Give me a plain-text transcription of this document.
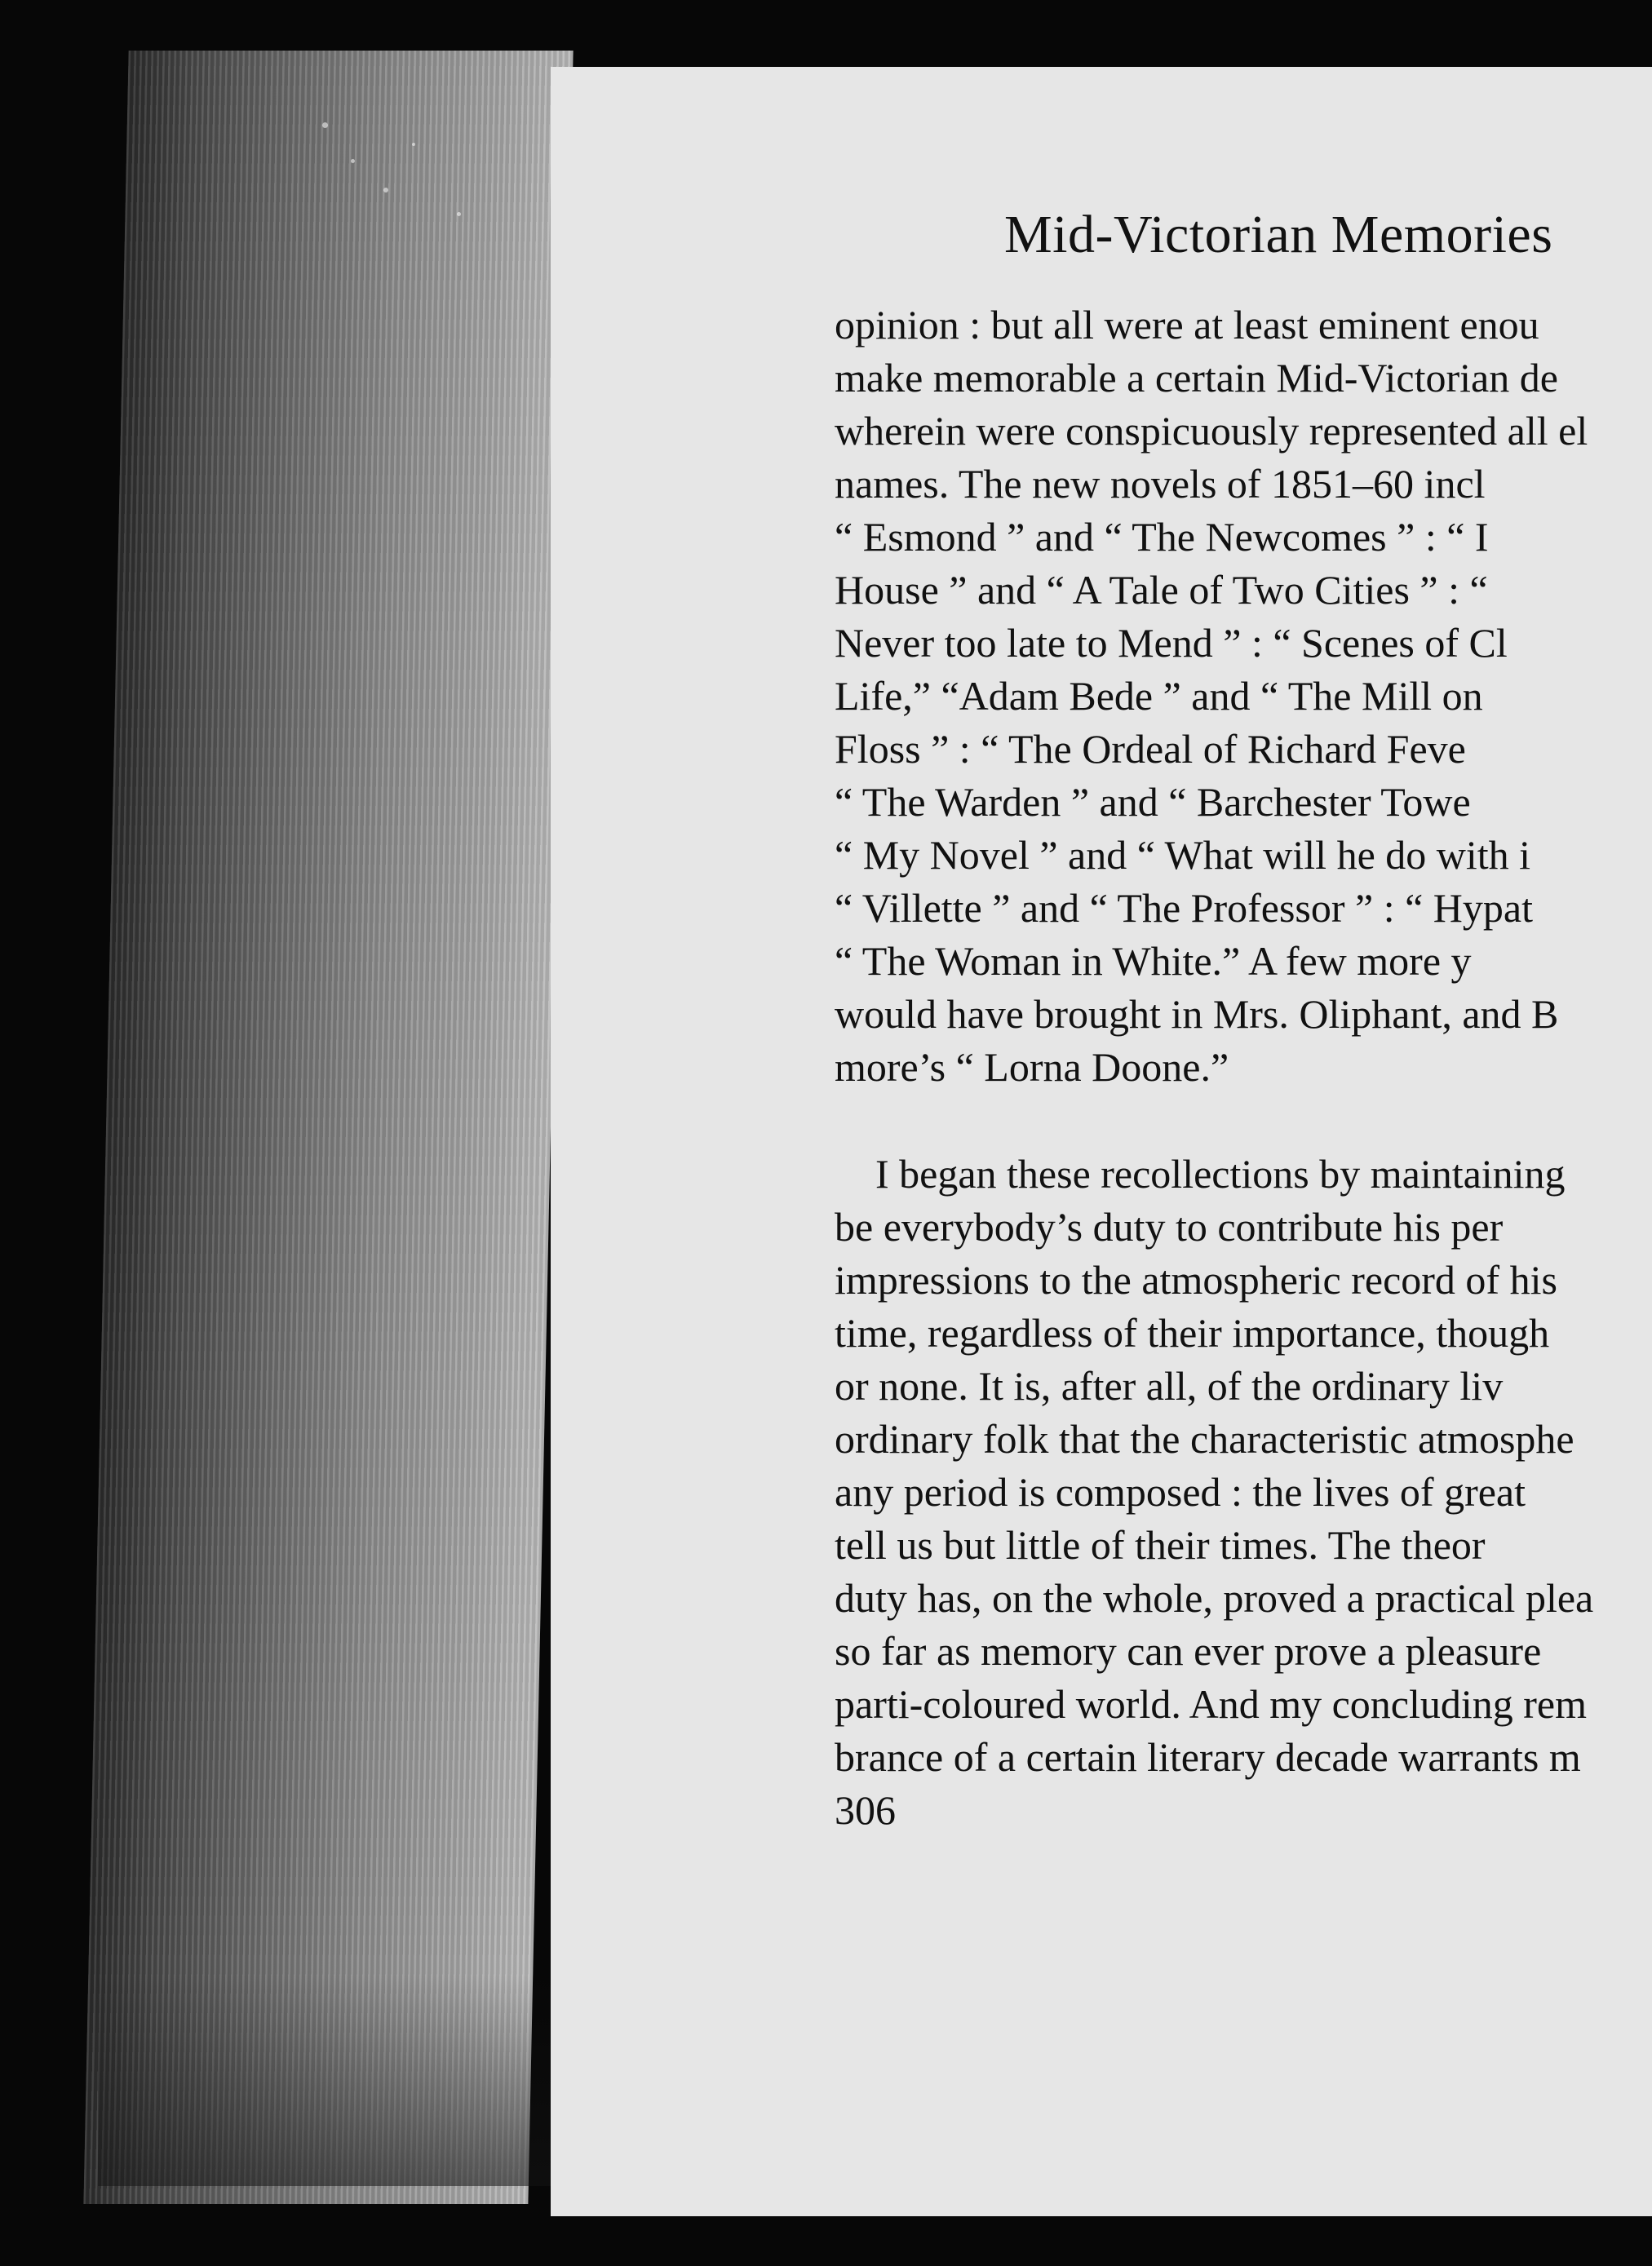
Mid-Victorian Memories
opinion : but all were at least eminent enou
make memorable a certain Mid-Victorian de
wherein were conspicuously represented all el
names. The new novels of 1851–60 incl
“ Esmond ” and “ The Newcomes ” : “ I
House ” and “ A Tale of Two Cities ” : “
Never too late to Mend ” : “ Scenes of Cl
Life,” “Adam Bede ” and “ The Mill on
Floss ” : “ The Ordeal of Richard Feve
“ The Warden ” and “ Barchester Towe
“ My Novel ” and “ What will he do with i
“ Villette ” and “ The Professor ” : “ Hypat
“ The Woman in White.” A few more y
would have brought in Mrs. Oliphant, and B
more’s “ Lorna Doone.”
I began these recollections by maintaining
be everybody’s duty to contribute his per
impressions to the atmospheric record of his
time, regardless of their importance, though
or none. It is, after all, of the ordinary liv
ordinary folk that the characteristic atmosphe
any period is composed : the lives of great
tell us but little of their times. The theor
duty has, on the whole, proved a practical plea
so far as memory can ever prove a pleasure
parti-coloured world. And my concluding rem
brance of a certain literary decade warrants m
306
